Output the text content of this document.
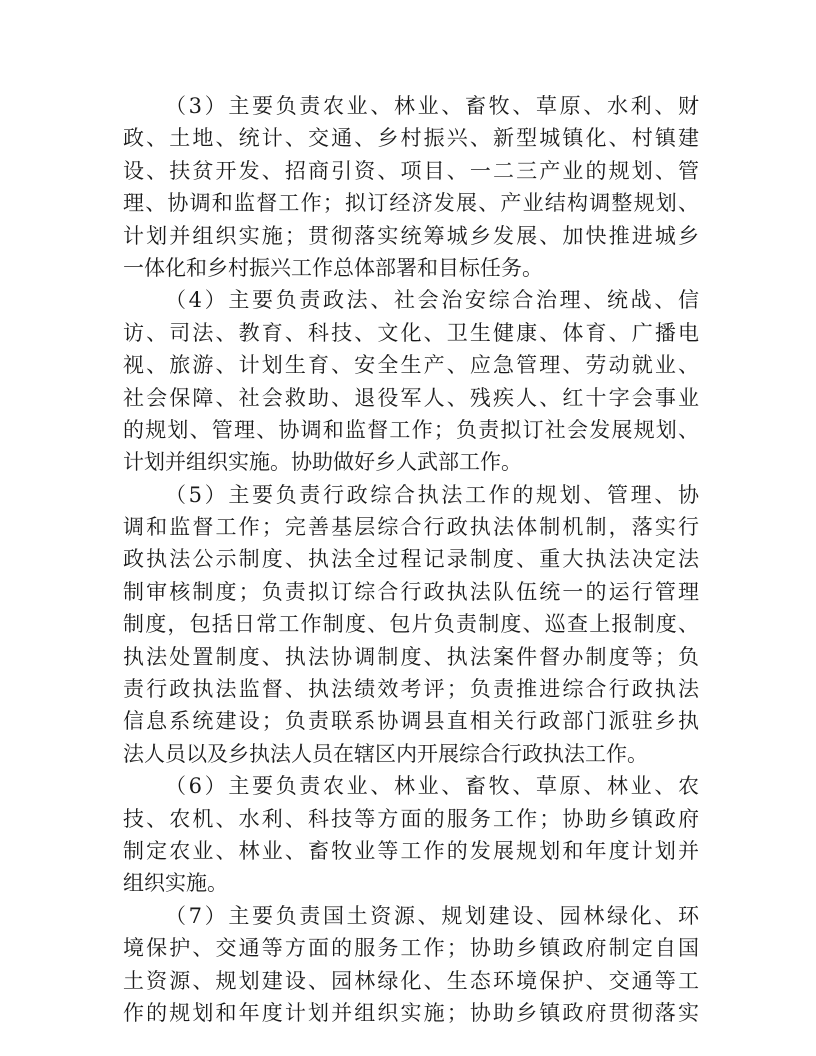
（3）主要负责农业、林业、畜牧、草原、水利、财
政、土地、统计、交通、乡村振兴、新型城镇化、村镇建
设、扶贫开发、招商引资、项目、一二三产业的规划、管
理、协调和监督工作；拟订经济发展、产业结构调整规划、
计划并组织实施；贯彻落实统筹城乡发展、加快推进城乡
一体化和乡村振兴工作总体部署和目标任务。
（4）主要负责政法、社会治安综合治理、统战、信
访、司法、教育、科技、文化、卫生健康、体育、广播电
视、旅游、计划生育、安全生产、应急管理、劳动就业、
社会保障、社会救助、退役军人、残疾人、红十字会事业
的规划、管理、协调和监督工作；负责拟订社会发展规划、
计划并组织实施。协助做好乡人武部工作。
（5）主要负责行政综合执法工作的规划、管理、协
调和监督工作；完善基层综合行政执法体制机制，落实行
政执法公示制度、执法全过程记录制度、重大执法决定法
制审核制度；负责拟订综合行政执法队伍统一的运行管理
制度，包括日常工作制度、包片负责制度、巡查上报制度、
执法处置制度、执法协调制度、执法案件督办制度等；负
责行政执法监督、执法绩效考评；负责推进综合行政执法
信息系统建设；负责联系协调县直相关行政部门派驻乡执
法人员以及乡执法人员在辖区内开展综合行政执法工作。
（6）主要负责农业、林业、畜牧、草原、林业、农
技、农机、水利、科技等方面的服务工作；协助乡镇政府
制定农业、林业、畜牧业等工作的发展规划和年度计划并
组织实施。
（7）主要负责国土资源、规划建设、园林绿化、环
境保护、交通等方面的服务工作；协助乡镇政府制定自国
土资源、规划建设、园林绿化、生态环境保护、交通等工
作的规划和年度计划并组织实施；协助乡镇政府贯彻落实
